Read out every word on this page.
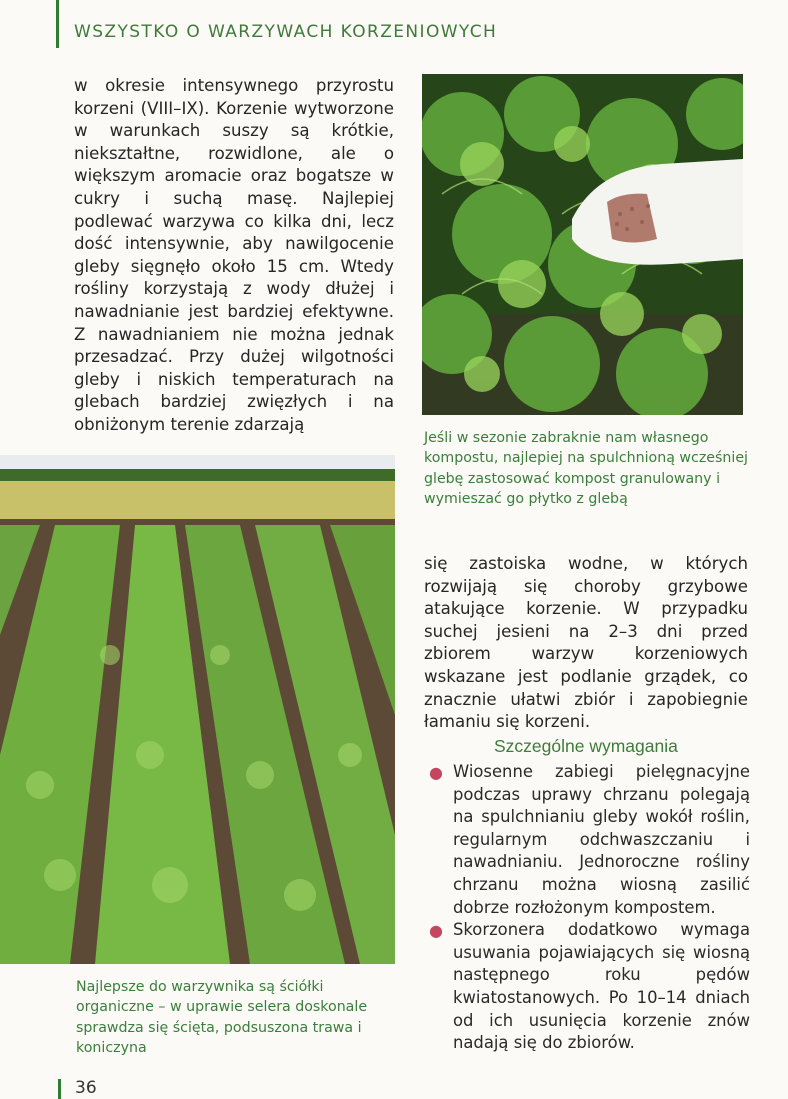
WSZYSTKO O WARZYWACH KORZENIOWYCH
w okresie intensywnego przyrostu korzeni (VIII–IX). Korzenie wytworzone w warunkach suszy są krótkie, niekształtne, rozwidlone, ale o większym aromacie oraz bogatsze w cukry i suchą masę. Najlepiej podlewać warzywa co kilka dni, lecz dość intensywnie, aby nawilgocenie gleby sięgnęło około 15 cm. Wtedy rośliny korzystają z wody dłużej i nawadnianie jest bardziej efektywne. Z nawadnianiem nie można jednak przesadzać. Przy dużej wilgotności gleby i niskich temperaturach na glebach bardziej zwięzłych i na obniżonym terenie zdarzają
Jeśli w sezonie zabraknie nam własnego kompostu, najlepiej na spulchnioną wcześniej glebę zastosować kompost granulowany i wymieszać go płytko z glebą
Najlepsze do warzywnika są ściółki organiczne – w uprawie selera doskonale sprawdza się ścięta, podsuszona trawa i koniczyna
się zastoiska wodne, w których rozwijają się choroby grzybowe atakujące korzenie. W przypadku suchej jesieni na 2–3 dni przed zbiorem warzyw korzeniowych wskazane jest podlanie grządek, co znacznie ułatwi zbiór i zapobiegnie łamaniu się korzeni.
Szczególne wymagania
● Wiosenne zabiegi pielęgnacyjne podczas uprawy chrzanu polegają na spulchnianiu gleby wokół roślin, regularnym odchwaszczaniu i nawadnianiu. Jednoroczne rośliny chrzanu można wiosną zasilić dobrze rozłożonym kompostem.
● Skorzonera dodatkowo wymaga usuwania pojawiających się wiosną następnego roku pędów kwiatostanowych. Po 10–14 dniach od ich usunięcia korzenie znów nadają się do zbiorów.
36
